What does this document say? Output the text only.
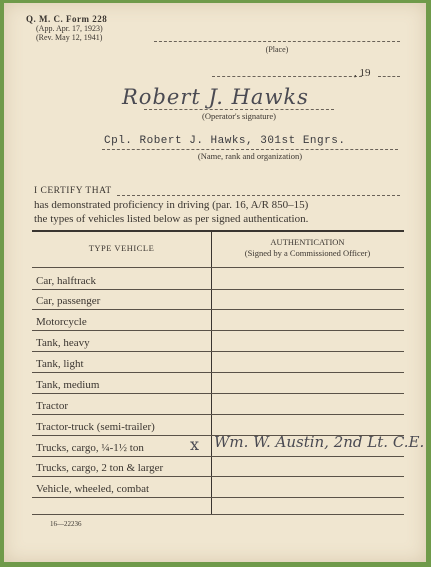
Q. M. C. Form 228
(App. Apr. 17, 1923)
(Rev. May 12, 1941)
(Place)
, 19
Robert J. Hawks
(Operator's signature)
Cpl. Robert J. Hawks, 301st Engrs.
(Name, rank and organization)
I CERTIFY THAT
has demonstrated proficiency in driving (par. 16, A/R 850–15)
the types of vehicles listed below as per signed authentication.
TYPE VEHICLE
AUTHENTICATION
(Signed by a Commissioned Officer)
Car, halftrack
Car, passenger
Motorcycle
Tank, heavy
Tank, light
Tank, medium
Tractor
Tractor-truck (semi-trailer)
Trucks, cargo, ¼-1½ ton	x Wm. W. Austin, 2nd Lt. C.E.
Trucks, cargo, 2 ton & larger
Vehicle, wheeled, combat
16—22236
